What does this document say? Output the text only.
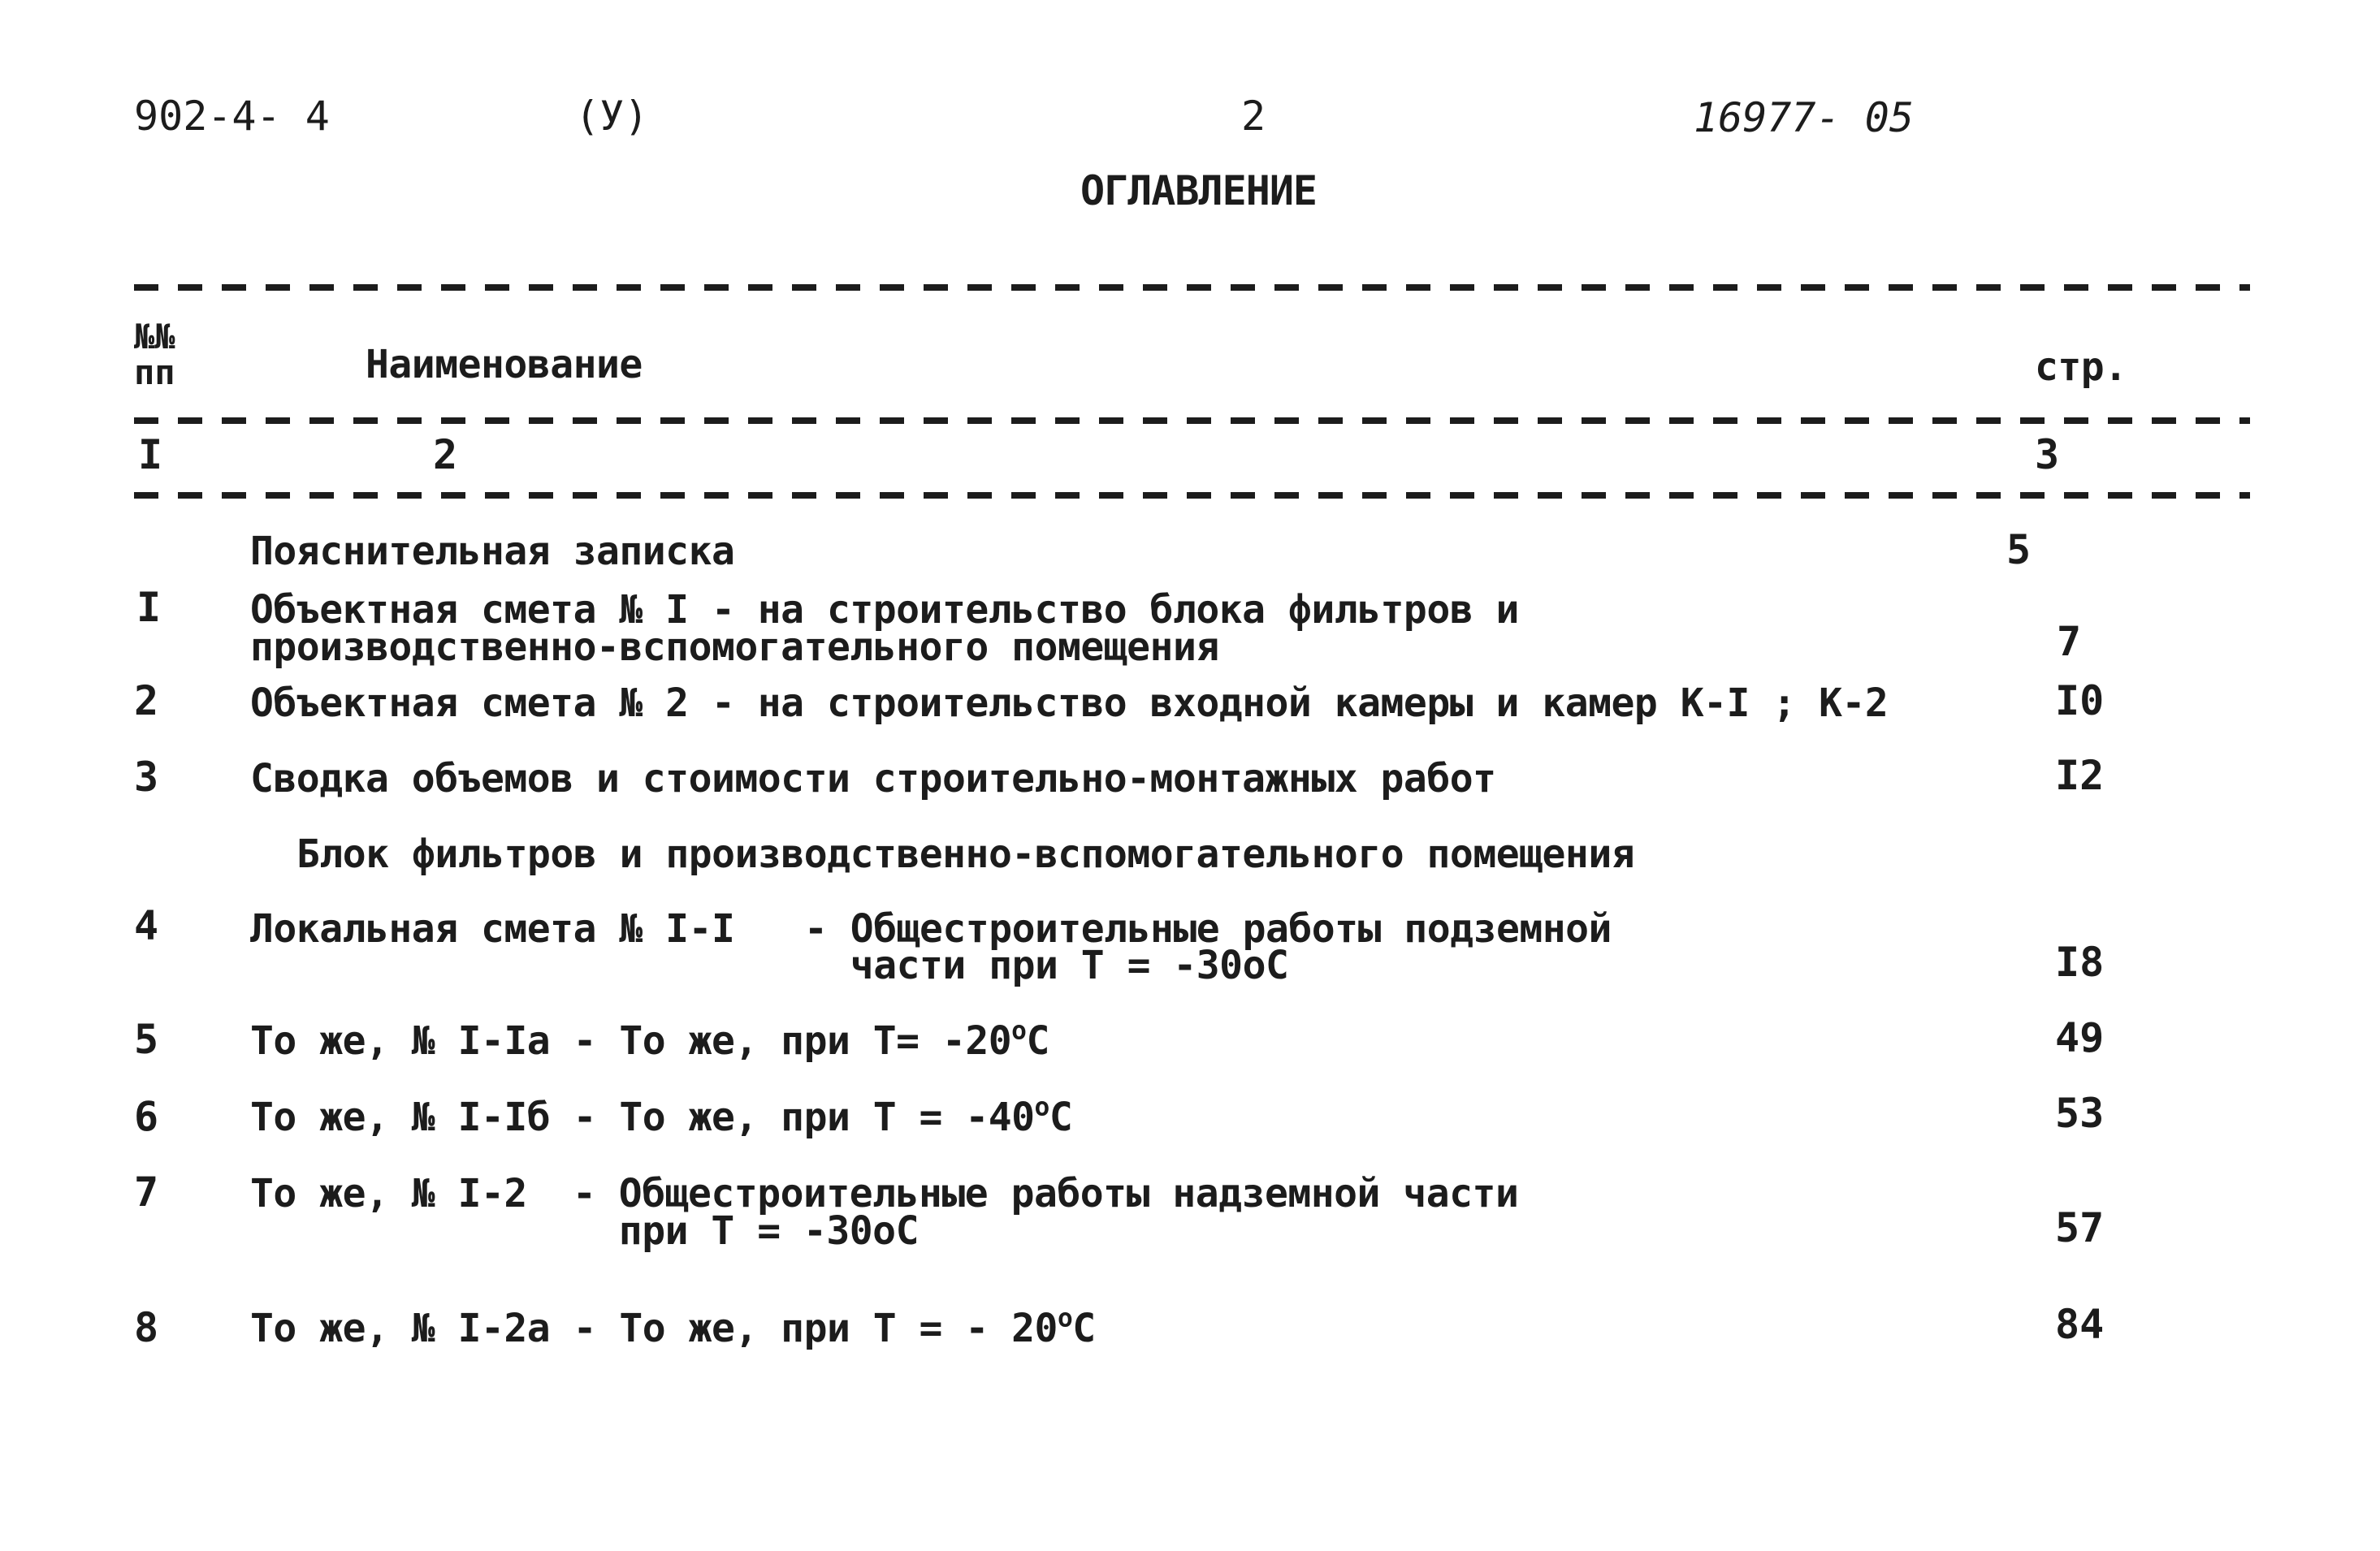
902-4- 4	(У)	2	16977- 05
ОГЛАВЛЕНИЕ
№№
пп	Наименование	стр.
I	2	3
Пояснительная записка	5
I Объектная смета № I - на строительство блока фильтров и
производственно-вспомогательного помещения	7
2 Объектная смета № 2 - на строительство входной камеры и камер К-I ; К-2	I0
3 Сводка объемов и стоимости строительно-монтажных работ	I2
Блок фильтров и производственно-вспомогательного помещения
4 Локальная смета № I-I - Общестроительные работы подземной
части при Т = -30оС	I8
5 То же, № I-Iа - То же, при $Т= -20^оС$	49
6 То же, № I-Iб - То же, при $Т = -40^оС$	53
7 То же, № I-2 - Общестроительные работы надземной части
при Т = -30оС	57
8 То же, № I-2а - То же, при Т = - $20^оС$	84
